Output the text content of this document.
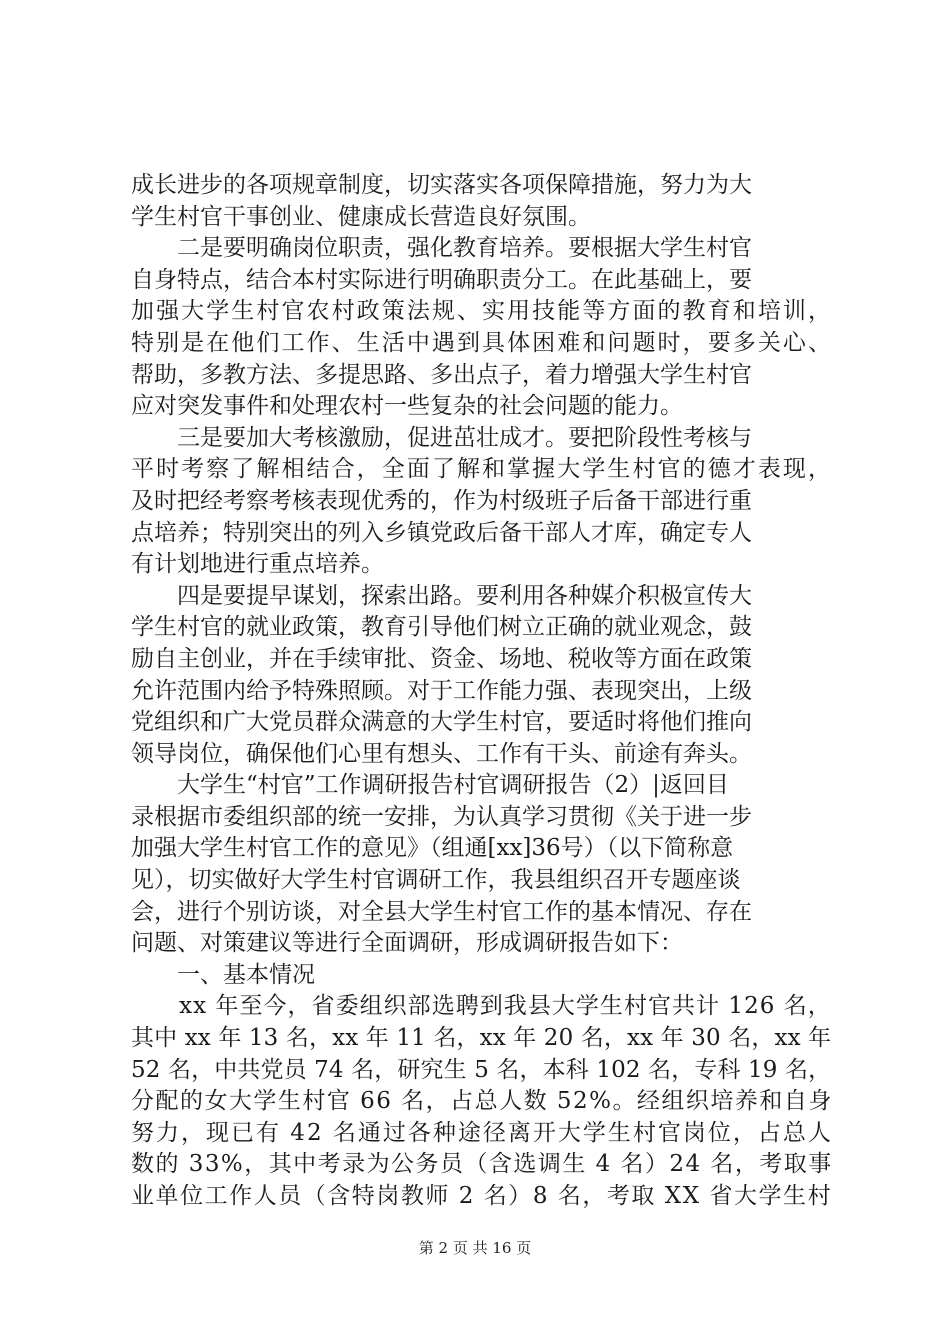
成长进步的各项规章制度，切实落实各项保障措施，努力为大
学生村官干事创业、健康成长营造良好氛围。
　　二是要明确岗位职责，强化教育培养。要根据大学生村官
自身特点，结合本村实际进行明确职责分工。在此基础上，要
加强大学生村官农村政策法规、实用技能等方面的教育和培训，
特别是在他们工作、生活中遇到具体困难和问题时，要多关心、
帮助，多教方法、多提思路、多出点子，着力增强大学生村官
应对突发事件和处理农村一些复杂的社会问题的能力。
　　三是要加大考核激励，促进茁壮成才。要把阶段性考核与
平时考察了解相结合，全面了解和掌握大学生村官的德才表现，
及时把经考察考核表现优秀的，作为村级班子后备干部进行重
点培养；特别突出的列入乡镇党政后备干部人才库，确定专人
有计划地进行重点培养。
　　四是要提早谋划，探索出路。要利用各种媒介积极宣传大
学生村官的就业政策，教育引导他们树立正确的就业观念，鼓
励自主创业，并在手续审批、资金、场地、税收等方面在政策
允许范围内给予特殊照顾。对于工作能力强、表现突出，上级
党组织和广大党员群众满意的大学生村官，要适时将他们推向
领导岗位，确保他们心里有想头、工作有干头、前途有奔头。
　　大学生“村官”工作调研报告村官调研报告（2）|返回目
录根据市委组织部的统一安排，为认真学习贯彻《关于进一步
加强大学生村官工作的意见》（组通[xx]36号）（以下简称意
见），切实做好大学生村官调研工作，我县组织召开专题座谈
会，进行个别访谈，对全县大学生村官工作的基本情况、存在
问题、对策建议等进行全面调研，形成调研报告如下：
　　一、基本情况
　　xx 年至今，省委组织部选聘到我县大学生村官共计 126 名，
其中 xx 年 13 名，xx 年 11 名，xx 年 20 名，xx 年 30 名，xx 年
52 名，中共党员 74 名，研究生 5 名，本科 102 名，专科 19 名，
分配的女大学生村官 66 名，占总人数 52%。经组织培养和自身
努力，现已有 42 名通过各种途径离开大学生村官岗位，占总人
数的 33%，其中考录为公务员（含选调生 4 名）24 名，考取事
业单位工作人员（含特岗教师 2 名）8 名，考取 XX 省大学生村
第 2 页 共 16 页
